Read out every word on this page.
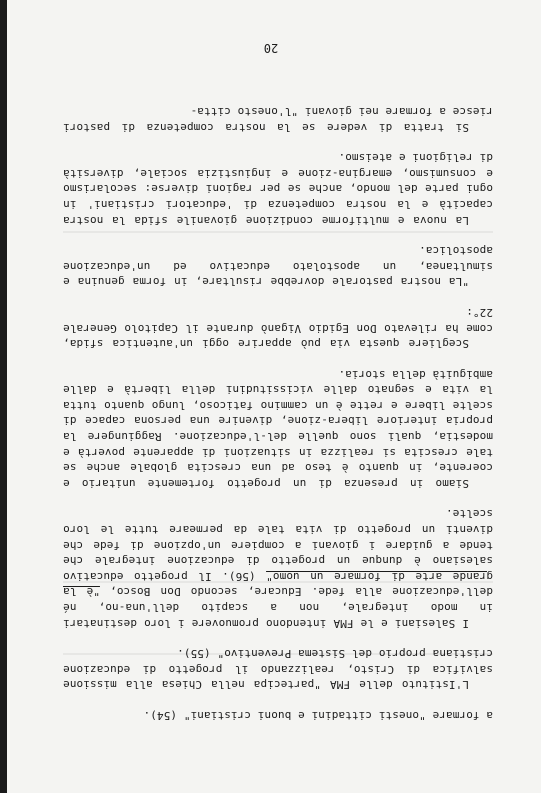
a formare "onesti cittadini e buoni cristiani" (54).

L'Istituto delle FMA "partecipa nella Chiesa alla missione salvifica di Cristo, realizzando il progetto di educazione cristiana proprio del Sistema Preventivo" (55).

I Salesiani e le FMA intendono promuovere i loro destinatari in modo integrale, non a scapito dell'una-no, né dell'educazione alla fede. Educare, secondo Don Bosco, "è la grande arte di formare un uomo" (56). Il progetto educativo salesiano è dunque un progetto di educazione integrale che tende a guidare i giovani a compiere un'opzione di fede che diventi un progetto di vita tale da permeare tutte le loro scelte.

Siamo in presenza di un progetto fortemente unitario e coerente, in quanto è teso ad una crescita globale anche se tale crescita si realizza in situazioni di apparente povertà e modestia, quali sono quelle del-l'educazione. Raggiungere la propria interiore libera-zione, divenire una persona capace di scelte libere e rette è un cammino faticoso, lungo quanto tutta la vita e segnato dalle vicissitudini della libertà e dalle ambiguità della storia.

Scegliere questa via può apparire oggi un'autentica sfida, come ha rilevato Don Egidio Viganò durante il Capitolo Generale 22°:

"La nostra pastorale dovrebbe risultare, in forma genuina e simultanea, un apostolato educativo ed un'educazione apostolica.

La nuova e multiforme condizione giovanile sfida la nostra capacità e la nostra competenza di 'educatori cristiani' in ogni parte del mondo, anche se per ragioni diverse: secolarismo e consumismo, emargina-zione e ingiustizia sociale, diversità di religioni e ateismo.

Si tratta di vedere se la nostra competenza di pastori riesce a formare nei giovani "l'onesto citta-

20
